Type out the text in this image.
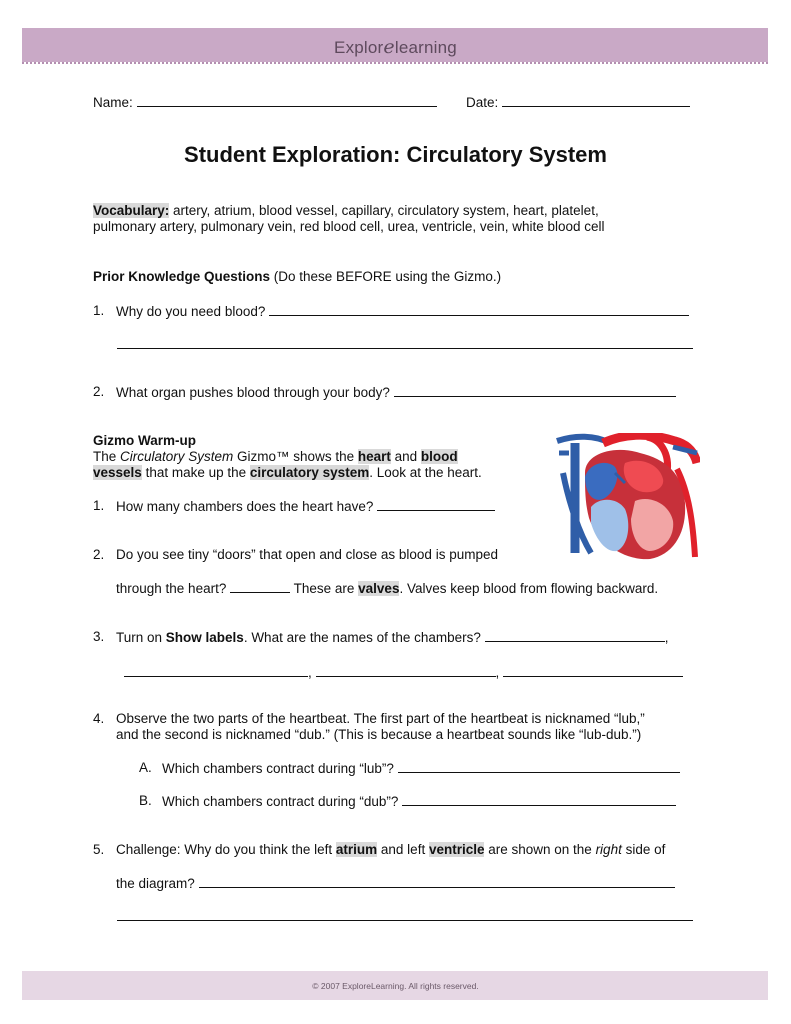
Explorelearning
Name:	Date:
Student Exploration: Circulatory System
Vocabulary: artery, atrium, blood vessel, capillary, circulatory system, heart, platelet,
pulmonary artery, pulmonary vein, red blood cell, urea, ventricle, vein, white blood cell
Prior Knowledge Questions (Do these BEFORE using the Gizmo.)
1. Why do you need blood?
2. What organ pushes blood through your body?
Gizmo Warm-up
The Circulatory System Gizmo™ shows the heart and blood
vessels that make up the circulatory system. Look at the heart.
1. How many chambers does the heart have?
2. Do you see tiny “doors” that open and close as blood is pumped
through the heart?	These are valves. Valves keep blood from flowing backward.
3. Turn on Show labels. What are the names of the chambers?	,
,	,
4. Observe the two parts of the heartbeat. The first part of the heartbeat is nicknamed “lub,”
and the second is nicknamed “dub.” (This is because a heartbeat sounds like “lub-dub.”)
A. Which chambers contract during “lub”?
B. Which chambers contract during “dub”?
5. Challenge: Why do you think the left atrium and left ventricle are shown on the right side of
the diagram?
© 2007 ExploreLearning. All rights reserved.
